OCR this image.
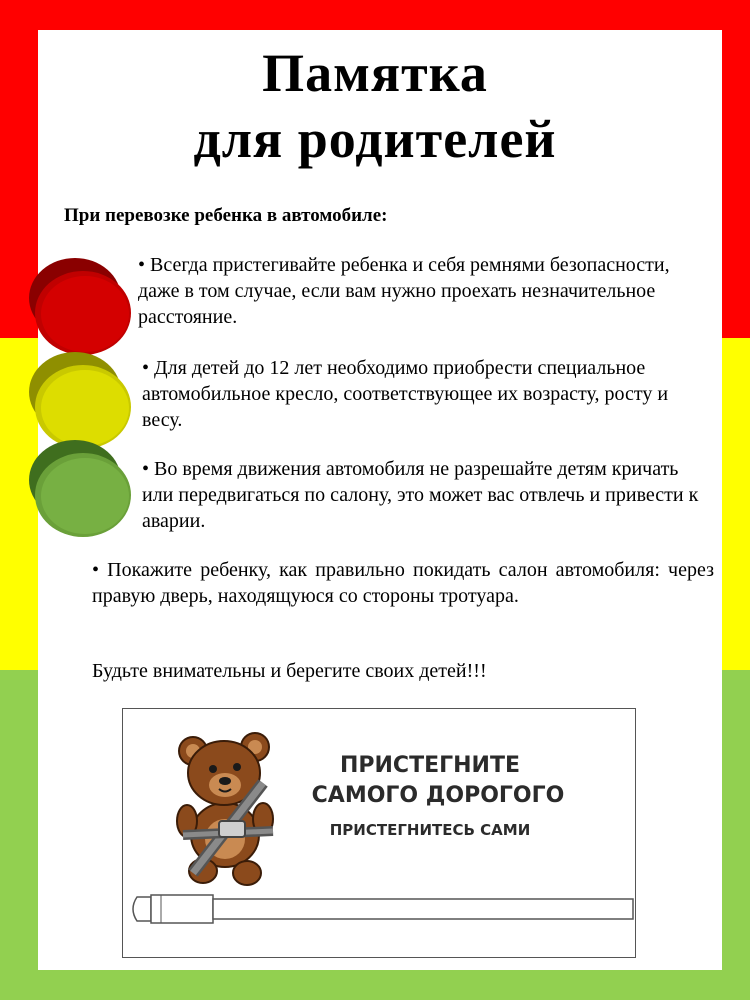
Памятка
для родителей
При перевозке ребенка в автомобиле:
• Всегда пристегивайте ребенка и себя ремнями безопасности, даже в том случае, если вам нужно проехать незначительное расстояние.
• Для детей до 12 лет необходимо приобрести специальное автомобильное кресло, соответствующее их возрасту, росту и весу.
• Во время движения автомобиля не разрешайте детям кричать или передвигаться по салону, это может вас отвлечь и привести к аварии.
• Покажите ребенку, как правильно покидать салон автомобиля: через правую дверь, находящуюся со стороны тротуара.
Будьте внимательны и берегите своих детей!!!
ПРИСТЕГНИТЕ
САМОГО ДОРОГОГО
ПРИСТЕГНИТЕСЬ САМИ
